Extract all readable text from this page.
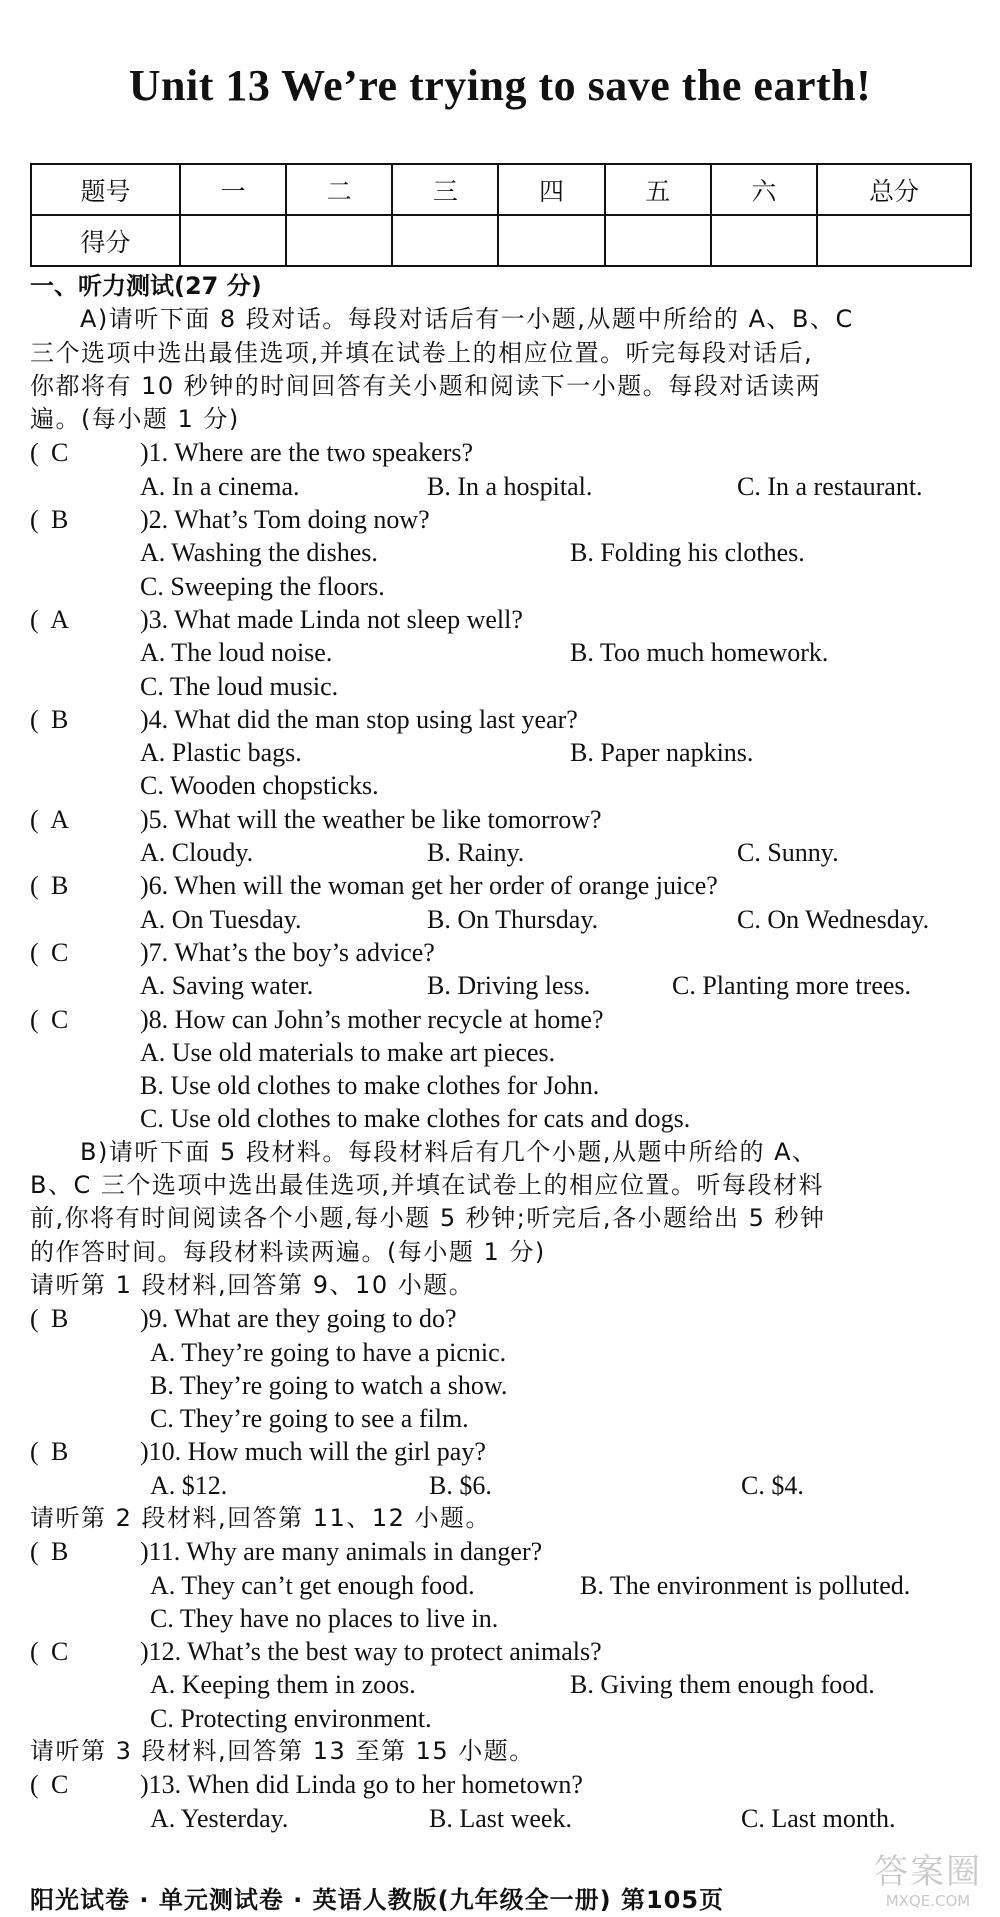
Unit 13 We’re trying to save the earth!
题号	一	二	三	四	五	六	总分
得分							
一、听力测试(27 分)
A)请听下面 8 段对话。每段对话后有一小题,从题中所给的 A、B、C
三个选项中选出最佳选项,并填在试卷上的相应位置。听完每段对话后,
你都将有 10 秒钟的时间回答有关小题和阅读下一小题。每段对话读两
遍。(每小题 1 分)
( C	)1. Where are the two speakers?
A. In a cinema.	B. In a hospital.	C. In a restaurant.
( B	)2. What’s Tom doing now?
A. Washing the dishes.	B. Folding his clothes.
C. Sweeping the floors.
( A	)3. What made Linda not sleep well?
A. The loud noise.	B. Too much homework.
C. The loud music.
( B	)4. What did the man stop using last year?
A. Plastic bags.	B. Paper napkins.
C. Wooden chopsticks.
( A	)5. What will the weather be like tomorrow?
A. Cloudy.	B. Rainy.	C. Sunny.
( B	)6. When will the woman get her order of orange juice?
A. On Tuesday.	B. On Thursday.	C. On Wednesday.
( C	)7. What’s the boy’s advice?
A. Saving water.	B. Driving less.	C. Planting more trees.
( C	)8. How can John’s mother recycle at home?
A. Use old materials to make art pieces.
B. Use old clothes to make clothes for John.
C. Use old clothes to make clothes for cats and dogs.
B)请听下面 5 段材料。每段材料后有几个小题,从题中所给的 A、
B、C 三个选项中选出最佳选项,并填在试卷上的相应位置。听每段材料
前,你将有时间阅读各个小题,每小题 5 秒钟;听完后,各小题给出 5 秒钟
的作答时间。每段材料读两遍。(每小题 1 分)
请听第 1 段材料,回答第 9、10 小题。
( B	)9. What are they going to do?
A. They’re going to have a picnic.
B. They’re going to watch a show.
C. They’re going to see a film.
( B	)10. How much will the girl pay?
A. $12.	B. $6.	C. $4.
请听第 2 段材料,回答第 11、12 小题。
( B	)11. Why are many animals in danger?
A. They can’t get enough food.	B. The environment is polluted.
C. They have no places to live in.
( C	)12. What’s the best way to protect animals?
A. Keeping them in zoos.	B. Giving them enough food.
C. Protecting environment.
请听第 3 段材料,回答第 13 至第 15 小题。
( C	)13. When did Linda go to her hometown?
A. Yesterday.	B. Last week.	C. Last month.
阳光试卷 · 单元测试卷 · 英语人教版(九年级全一册) 第105页
答案圈
MXQE.COM
